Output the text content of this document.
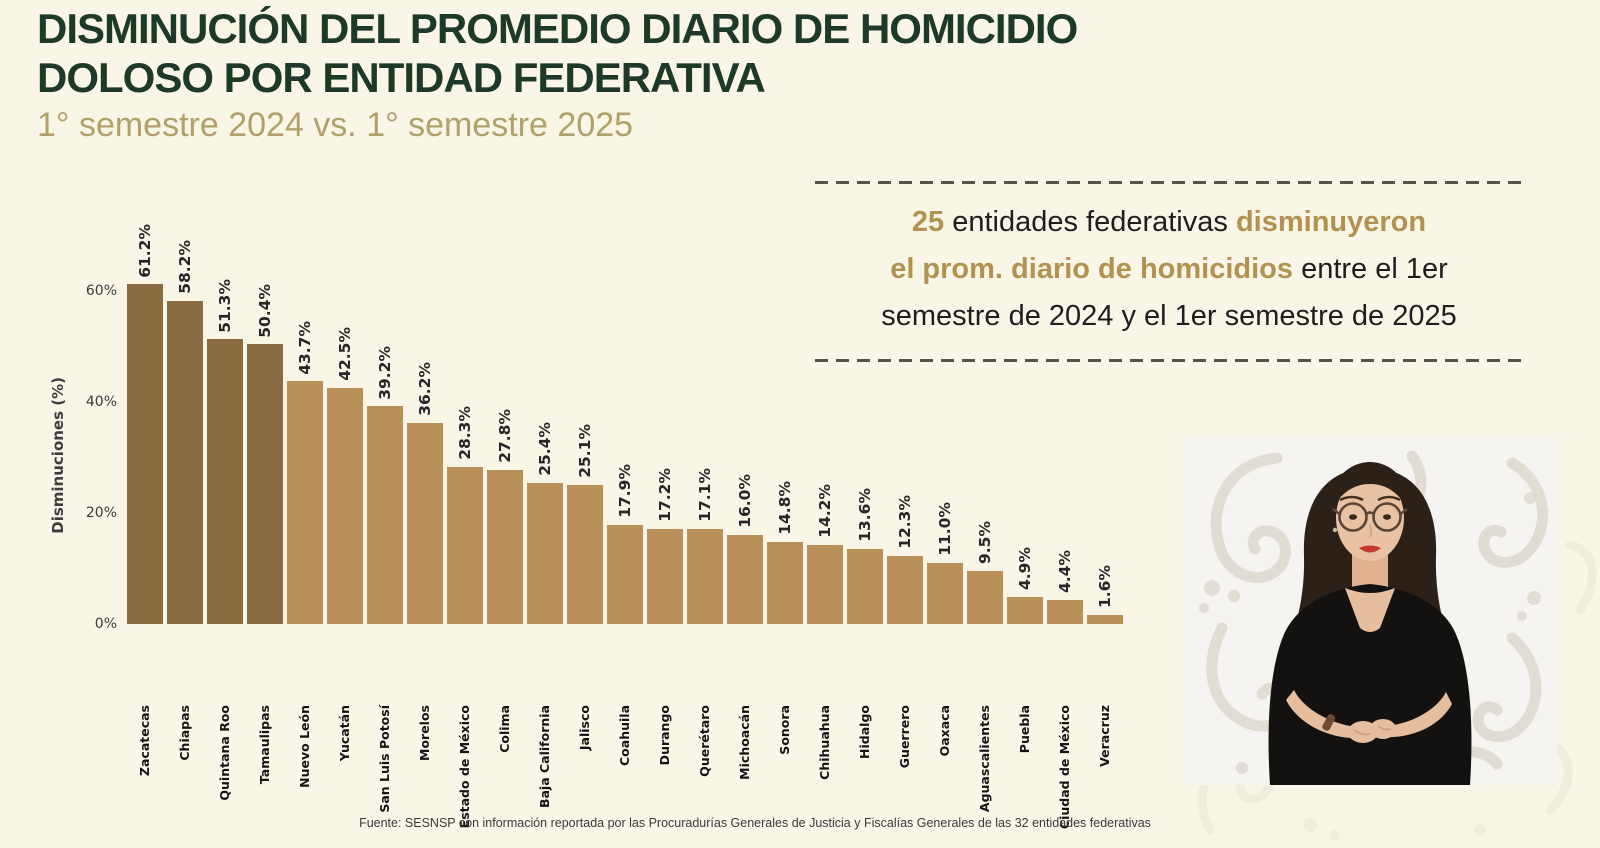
DISMINUCIÓN DEL PROMEDIO DIARIO DE HOMICIDIO
DOLOSO POR ENTIDAD FEDERATIVA
1° semestre 2024 vs. 1° semestre 2025
25 entidades federativas disminuyeron
el prom. diario de homicidios entre el 1er
semestre de 2024 y el 1er semestre de 2025
Disminuciones (%)
0%
20%
40%
60%
61.2%
Zacatecas
58.2%
Chiapas
51.3%
Quintana Roo
50.4%
Tamaulipas
43.7%
Nuevo León
42.5%
Yucatán
39.2%
San Luis Potosí
36.2%
Morelos
28.3%
Estado de México
27.8%
Colima
25.4%
Baja California
25.1%
Jalisco
17.9%
Coahuila
17.2%
Durango
17.1%
Querétaro
16.0%
Michoacán
14.8%
Sonora
14.2%
Chihuahua
13.6%
Hidalgo
12.3%
Guerrero
11.0%
Oaxaca
9.5%
Aguascalientes
4.9%
Puebla
4.4%
Ciudad de México
1.6%
Veracruz
Fuente: SESNSP con información reportada por las Procuradurías Generales de Justicia y Fiscalías Generales de las 32 entidades federativas
